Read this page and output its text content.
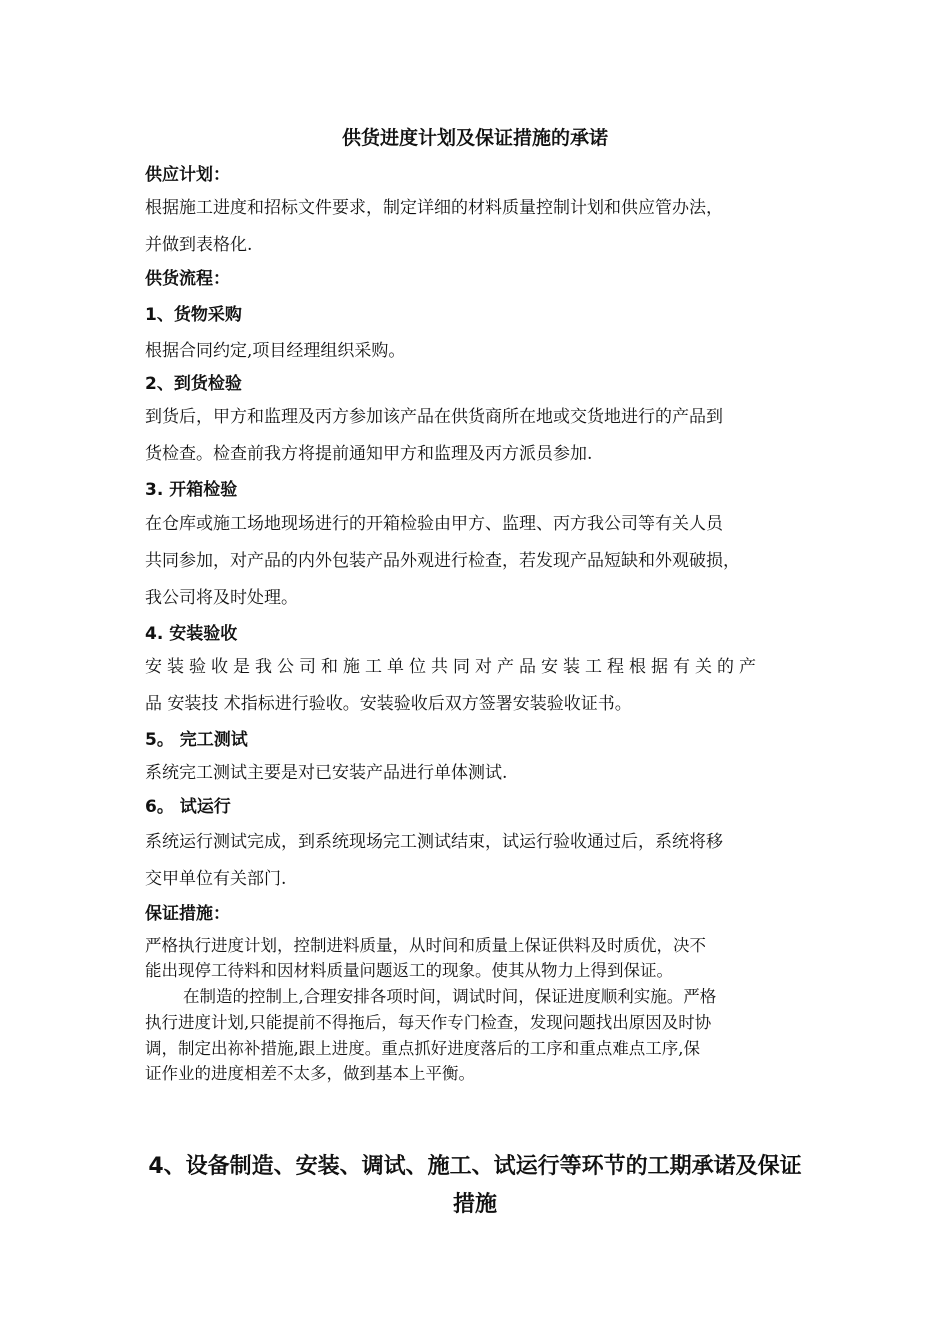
供货进度计划及保证措施的承诺

供应计划：

根据施工进度和招标文件要求，制定详细的材料质量控制计划和供应管办法，

并做到表格化.

供货流程：

1、货物采购

根据合同约定,项目经理组织采购。

2、到货检验

到货后，甲方和监理及丙方参加该产品在供货商所在地或交货地进行的产品到

货检查。检查前我方将提前通知甲方和监理及丙方派员参加.

3. 开箱检验

在仓库或施工场地现场进行的开箱检验由甲方、监理、丙方我公司等有关人员

共同参加，对产品的内外包装产品外观进行检查，若发现产品短缺和外观破损，

我公司将及时处理。

4. 安装验收

安装验收是我公司和施工单位共同对产品安装工程根据有关的产

品 安装技 术指标进行验收。安装验收后双方签署安装验收证书。

5。 完工测试

系统完工测试主要是对已安装产品进行单体测试.

6。 试运行

系统运行测试完成，到系统现场完工测试结束，试运行验收通过后，系统将移

交甲单位有关部门.

保证措施：

严格执行进度计划，控制进料质量，从时间和质量上保证供料及时质优，决不

能出现停工待料和因材料质量问题返工的现象。使其从物力上得到保证。

在制造的控制上,合理安排各项时间，调试时间，保证进度顺利实施。严格

执行进度计划,只能提前不得拖后，每天作专门检查，发现问题找出原因及时协

调，制定出祢补措施,跟上进度。重点抓好进度落后的工序和重点难点工序,保

证作业的进度相差不太多，做到基本上平衡。

4、设备制造、安装、调试、施工、试运行等环节的工期承诺及保证
措施
